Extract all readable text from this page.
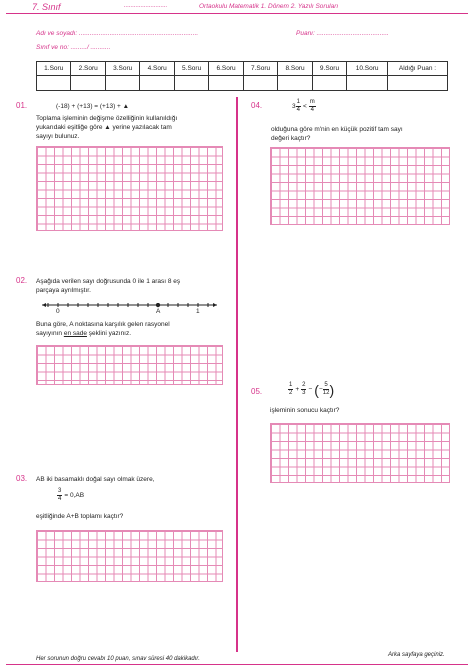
7. Sınıf	..........................	Ortaokulu Matematik 1. Dönem 2. Yazılı Soruları
Adı ve soyadı: ..................................................................
Sınıf ve no: ........./ ...........
Puanı: ........................................
1.Soru	2.Soru	3.Soru	4.Soru	5.Soru	6.Soru	7.Soru	8.Soru	9.Soru	10.Soru	Aldığı Puan :

01.	(-18) + (+13) = (+13) + ▲
Toplama işleminin değişme özelliğinin kullanıldığı
yukarıdaki eşitliğe göre ▲ yerine yazılacak tam
sayıyı bulunuz.
02. Aşağıda verilen sayı doğrusunda 0 ile 1 arası 8 eş
parçaya ayrılmıştır.
0	A	1
Buna göre, A noktasına karşılık gelen rasyonel
sayıyının en sade şeklini yazınız.
03. AB iki basamaklı doğal sayı olmak üzere,
$\frac{3}{4} = 0,AB$
eşitliğinde A+B toplamı kaçtır?
04.	$3 \frac{1}{4} < \frac{m}{4}$
olduğuna göre m'nin en küçük pozitif tam sayı
değeri kaçtır?
05.	$\frac{1}{2} + \frac{2}{3}$ − ( − $\frac{5}{12}$ )
işleminin sonucu kaçtır?
Her sorunun doğru cevabı 10 puan, sınav süresi 40 dakikadır.
Arka sayfaya geçiniz.
